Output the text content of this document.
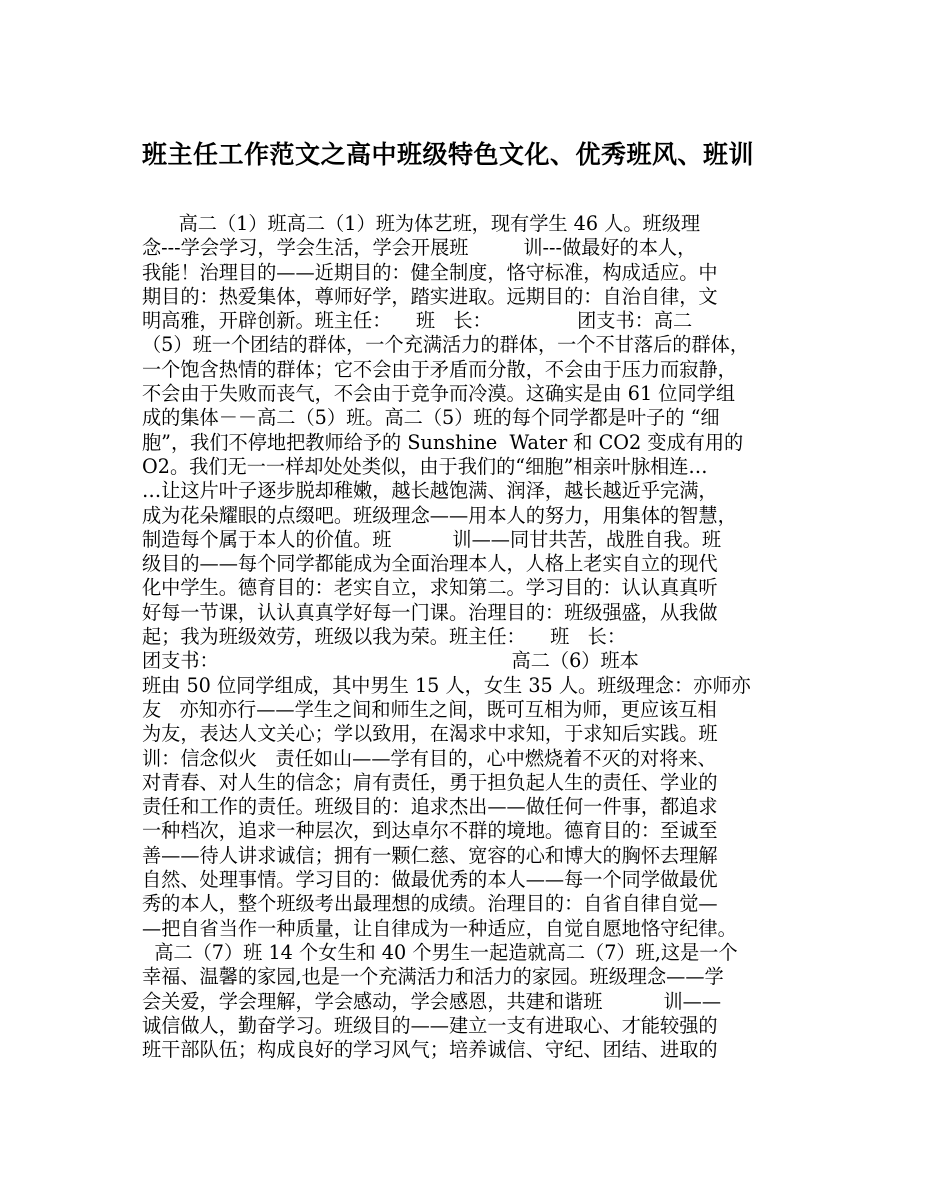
班主任工作范文之高中班级特色文化、优秀班风、班训
高二（1）班高二（1）班为体艺班，现有学生 46 人。班级理
念---学会学习，学会生活，学会开展班         训---做最好的本人，
我能！治理目的——近期目的：健全制度，恪守标准，构成适应。中
期目的：热爱集体，尊师好学，踏实进取。远期目的：自治自律，文
明高雅，开辟创新。班主任：    班   长：              团支书：高二
（5）班一个团结的群体，一个充满活力的群体，一个不甘落后的群体，
一个饱含热情的群体；它不会由于矛盾而分散，不会由于压力而寂静，
不会由于失败而丧气，不会由于竞争而冷漠。这确实是由 61 位同学组
成的集体－－高二（5）班。高二（5）班的每个同学都是叶子的 “细
胞”，我们不停地把教师给予的 Sunshine  Water 和 CO2 变成有用的
O2。我们无一一样却处处类似，由于我们的“细胞”相亲叶脉相连…
…让这片叶子逐步脱却稚嫩，越长越饱满、润泽，越长越近乎完满，
成为花朵耀眼的点缀吧。班级理念——用本人的努力，用集体的智慧，
制造每个属于本人的价值。班          训——同甘共苦，战胜自我。班
级目的——每个同学都能成为全面治理本人，人格上老实自立的现代
化中学生。德育目的：老实自立，求知第二。学习目的：认认真真听
好每一节课，认认真真学好每一门课。治理目的：班级强盛，从我做
起；我为班级效劳，班级以我为荣。班主任：    班   长：
团支书：                                                高二（6）班本
班由 50 位同学组成，其中男生 15 人，女生 35 人。班级理念：亦师亦
友   亦知亦行——学生之间和师生之间，既可互相为师，更应该互相
为友，表达人文关心；学以致用，在渴求中求知，于求知后实践。班
训：信念似火   责任如山——学有目的，心中燃烧着不灭的对将来、
对青春、对人生的信念；肩有责任，勇于担负起人生的责任、学业的
责任和工作的责任。班级目的：追求杰出——做任何一件事，都追求
一种档次，追求一种层次，到达卓尔不群的境地。德育目的：至诚至
善——待人讲求诚信；拥有一颗仁慈、宽容的心和博大的胸怀去理解
自然、处理事情。学习目的：做最优秀的本人——每一个同学做最优
秀的本人，整个班级考出最理想的成绩。治理目的：自省自律自觉—
—把自省当作一种质量，让自律成为一种适应，自觉自愿地恪守纪律。
高二（7）班 14 个女生和 40 个男生一起造就高二（7）班,这是一个
幸福、温馨的家园,也是一个充满活力和活力的家园。班级理念——学
会关爱，学会理解，学会感动，学会感恩，共建和谐班          训——
诚信做人，勤奋学习。班级目的——建立一支有进取心、才能较强的
班干部队伍；构成良好的学习风气；培养诚信、守纪、团结、进取的
